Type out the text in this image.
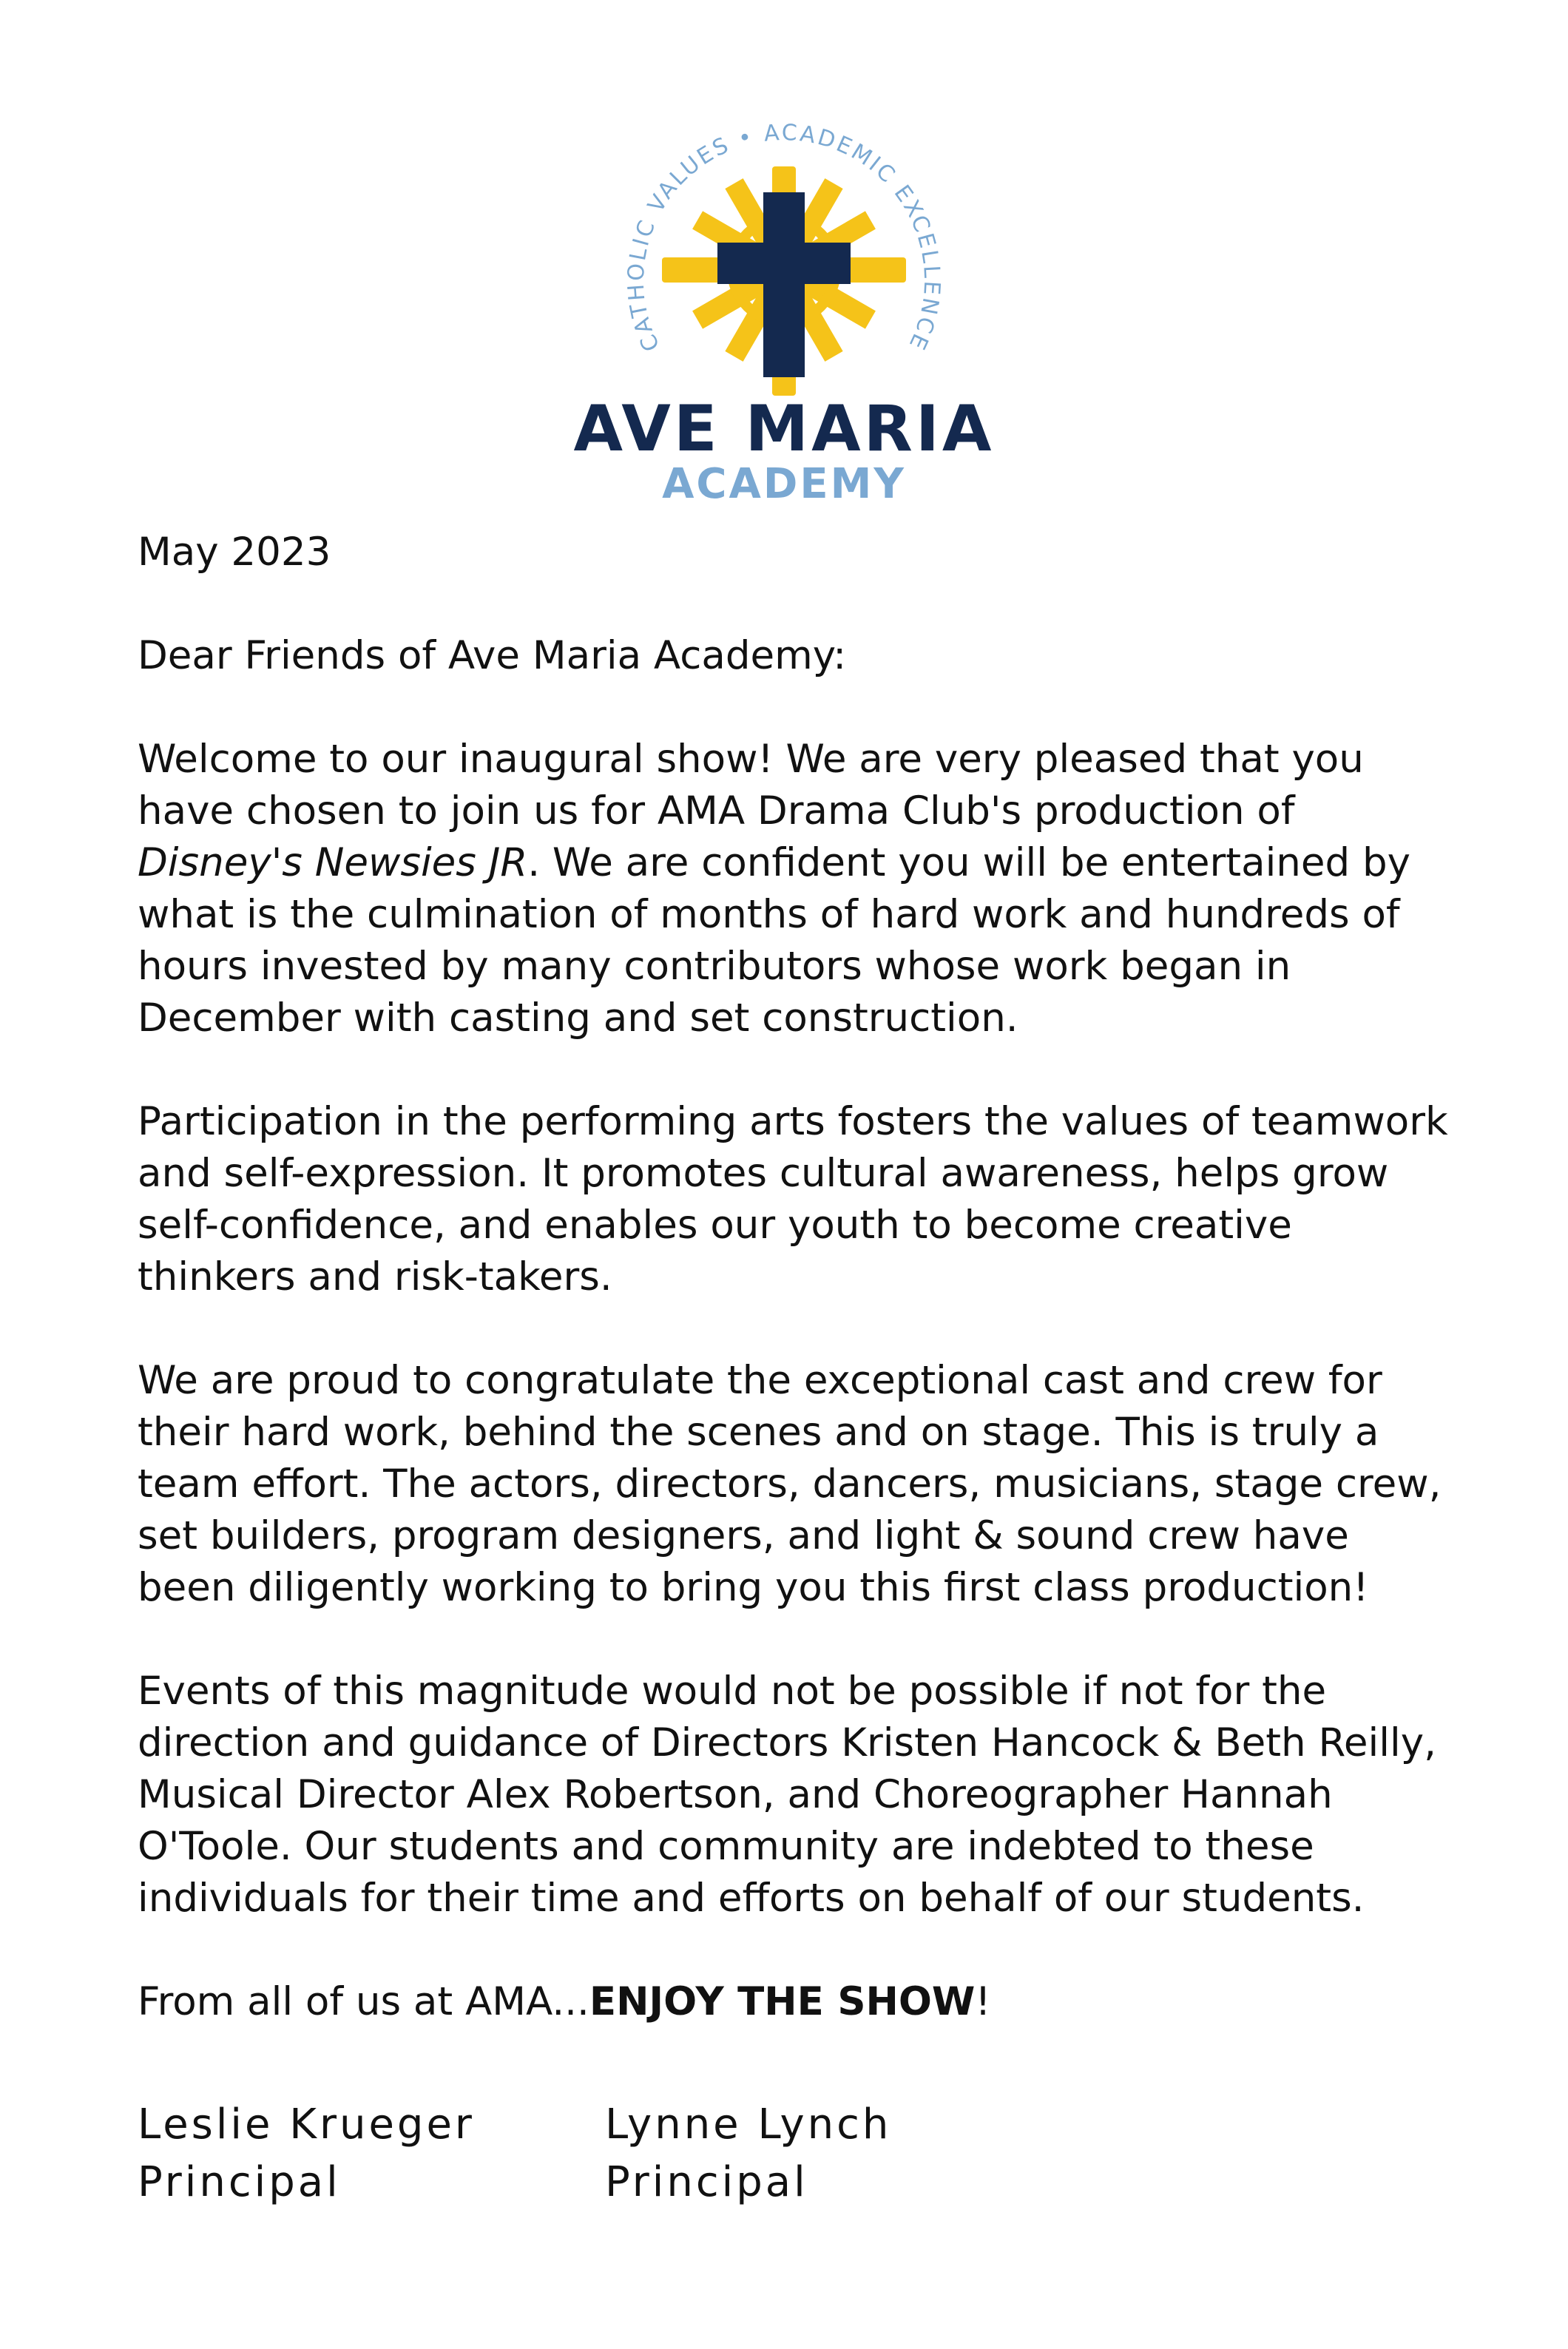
CATHOLIC VALUES • ACADEMIC EXCELLENCE
AVE MARIA
ACADEMY

May 2023

Dear Friends of Ave Maria Academy:

Welcome to our inaugural show! We are very pleased that you have chosen to join us for AMA Drama Club's production of Disney's Newsies JR. We are confident you will be entertained by what is the culmination of months of hard work and hundreds of hours invested by many contributors whose work began in December with casting and set construction.

Participation in the performing arts fosters the values of teamwork and self-expression. It promotes cultural awareness, helps grow self-confidence, and enables our youth to become creative thinkers and risk-takers.

We are proud to congratulate the exceptional cast and crew for their hard work, behind the scenes and on stage. This is truly a team effort. The actors, directors, dancers, musicians, stage crew, set builders, program designers, and light & sound crew have been diligently working to bring you this first class production!

Events of this magnitude would not be possible if not for the direction and guidance of Directors Kristen Hancock & Beth Reilly, Musical Director Alex Robertson, and Choreographer Hannah O'Toole. Our students and community are indebted to these individuals for their time and efforts on behalf of our students.

From all of us at AMA...ENJOY THE SHOW!

Leslie Krueger
Principal
Lynne Lynch
Principal
